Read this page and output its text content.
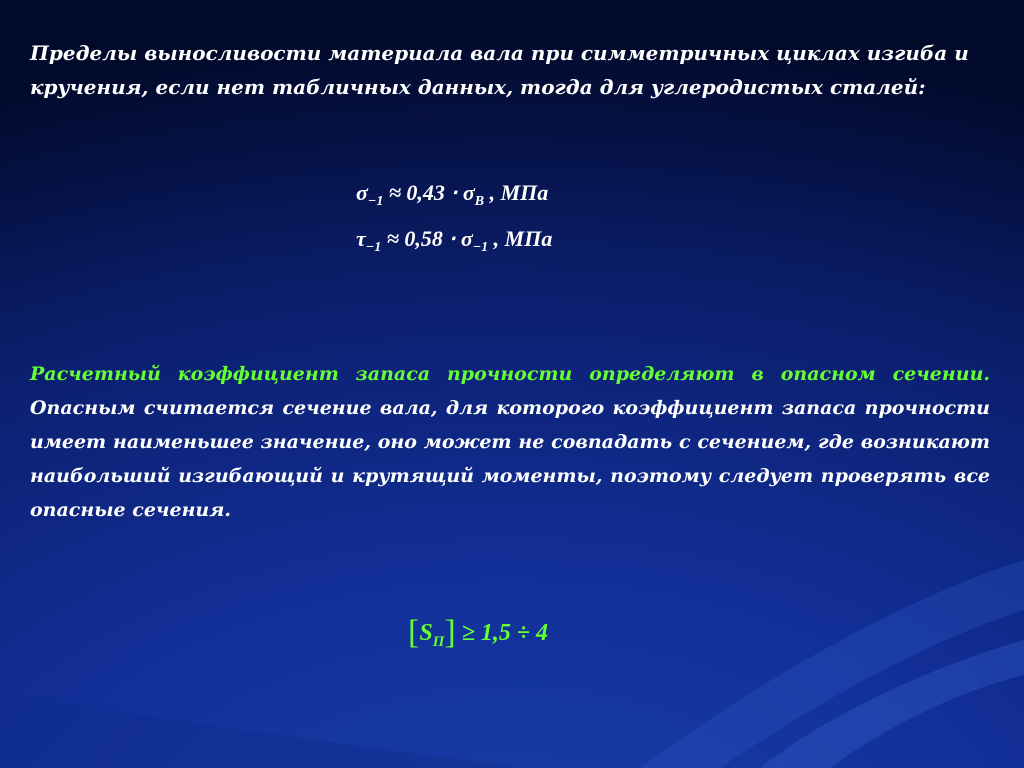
Пределы выносливости материала вала при симметричных циклах изгиба и кручения, если нет табличных данных, тогда для углеродистых сталей:

$\sigma_{-1} \approx 0,43 \cdot \sigma_B$ , МПа
$\tau_{-1} \approx 0,58 \cdot \sigma_{-1}$ , МПа

Расчетный коэффициент запаса прочности определяют в опасном сечении. Опасным считается сечение вала, для которого коэффициент запаса прочности имеет наименьшее значение, оно может не совпадать с сечением, где возникают наибольший изгибающий и крутящий моменты, поэтому следует проверять все опасные сечения.

$[S_П] \ge 1,5 \div 4$
